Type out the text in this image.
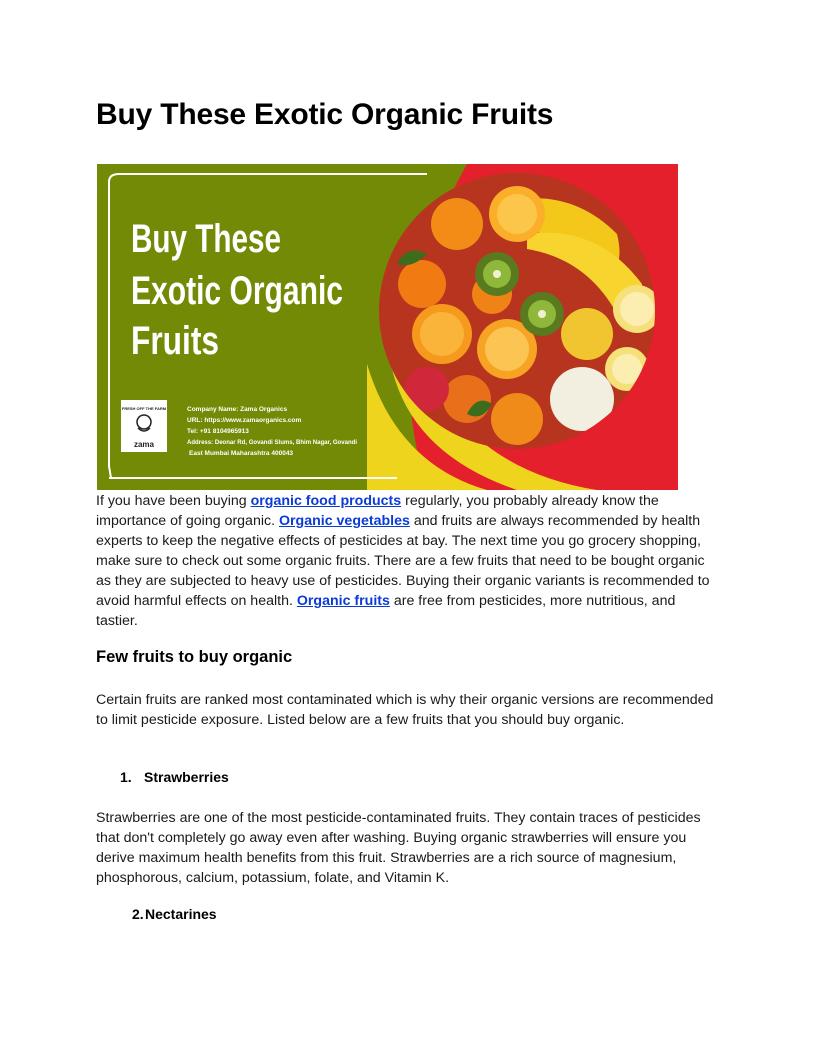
Buy These Exotic Organic Fruits
Buy These
Exotic Organic
Fruits
FRESH OFF THE FARM
zama
Company Name: Zama Organics
URL: https://www.zamaorganics.com
Tel: +91 8104965913
Address: Deonar Rd, Govandi Slums, Bhim Nagar, Govandi
East Mumbai Maharashtra 400043

If you have been buying organic food products regularly, you probably already know the importance of going organic. Organic vegetables and fruits are always recommended by health experts to keep the negative effects of pesticides at bay. The next time you go grocery shopping, make sure to check out some organic fruits. There are a few fruits that need to be bought organic as they are subjected to heavy use of pesticides. Buying their organic variants is recommended to avoid harmful effects on health. Organic fruits are free from pesticides, more nutritious, and tastier.

Few fruits to buy organic

Certain fruits are ranked most contaminated which is why their organic versions are recommended to limit pesticide exposure. Listed below are a few fruits that you should buy organic.

1. Strawberries

Strawberries are one of the most pesticide-contaminated fruits. They contain traces of pesticides that don't completely go away even after washing. Buying organic strawberries will ensure you derive maximum health benefits from this fruit. Strawberries are a rich source of magnesium, phosphorous, calcium, potassium, folate, and Vitamin K.

2.Nectarines
